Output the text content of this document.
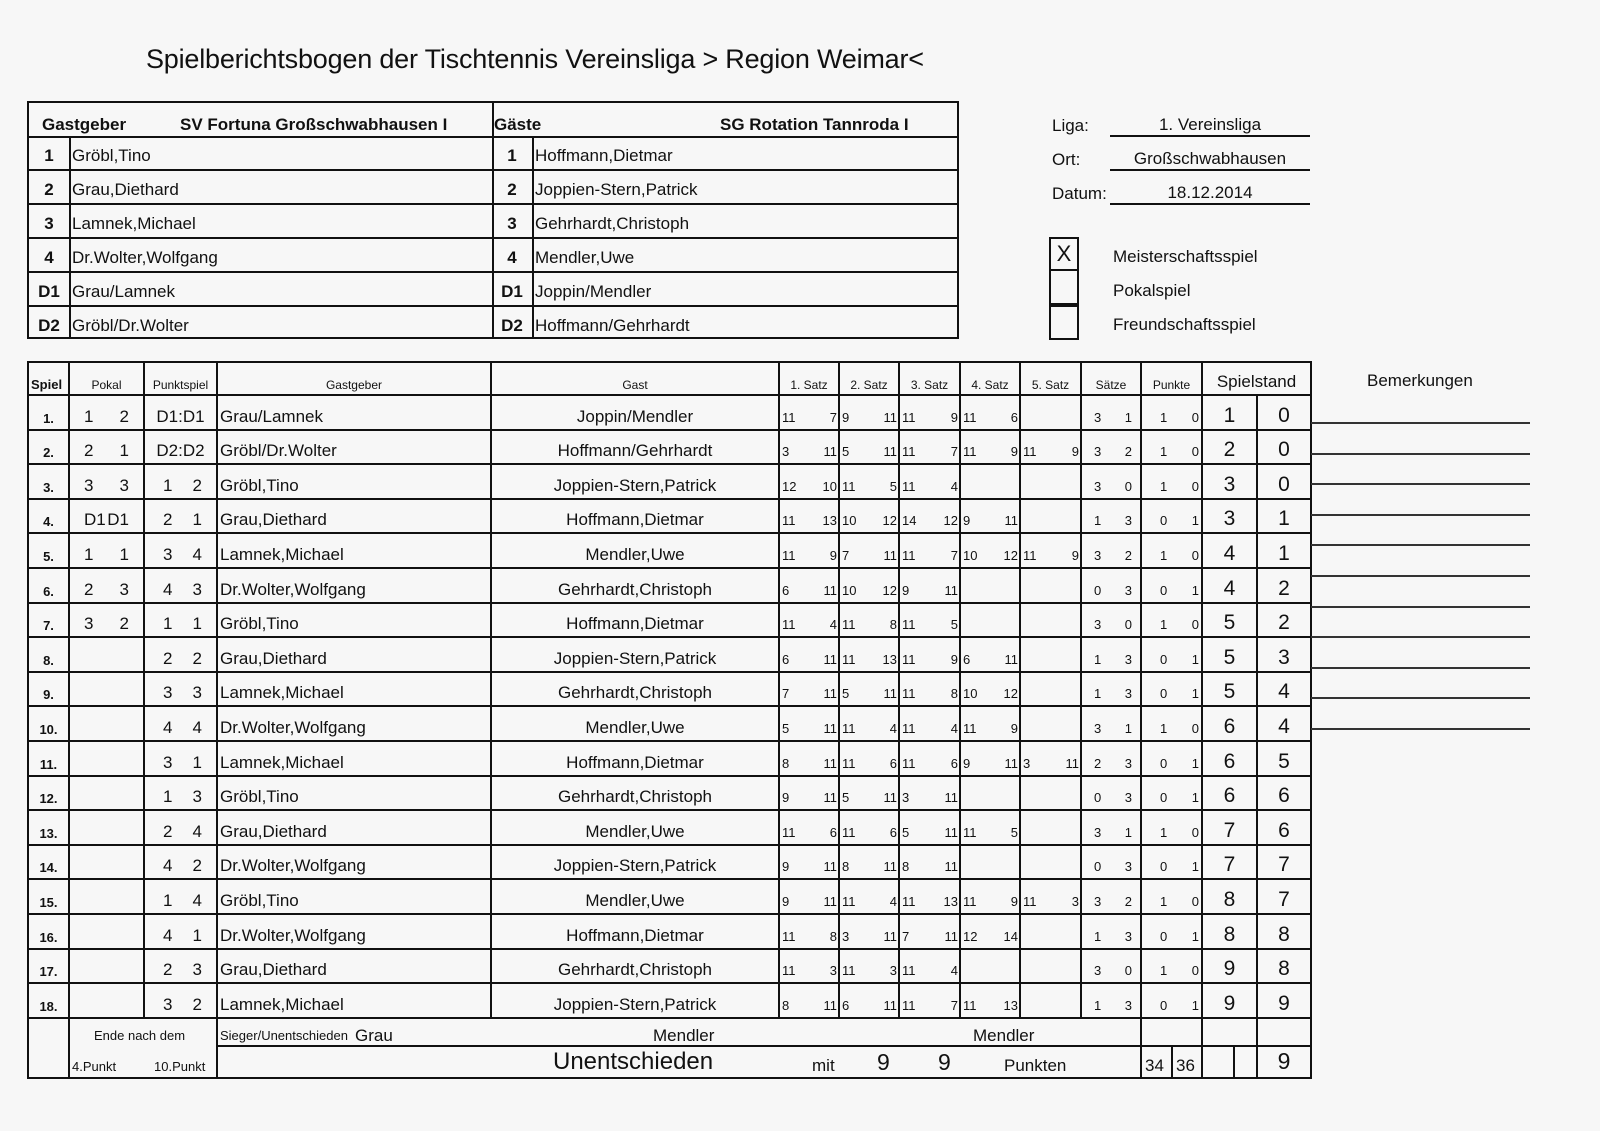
Spielberichtsbogen der Tischtennis Vereinsliga > Region Weimar<
Gastgeber	SV Fortuna Großschwabhausen I
1	Gröbl,Tino
2	Grau,Diethard
3	Lamnek,Michael
4	Dr.Wolter,Wolfgang
D1 Grau/Lamnek
D2 Gröbl/Dr.Wolter
Gäste	SG Rotation Tannroda I
1	Hoffmann,Dietmar
2	Joppien-Stern,Patrick
3	Gehrhardt,Christoph
4	Mendler,Uwe
D1 Joppin/Mendler
D2 Hoffmann/Gehrhardt
Liga:	1. Vereinsliga
Ort:	Großschwabhausen
Datum:	18.12.2014
X	Meisterschaftsspiel
Pokalspiel
Freundschaftsspiel
Spiel	Pokal	Punktspiel	Gastgeber	Gast	1. Satz	2. Satz	3. Satz	4. Satz	5. Satz	Sätze	Punkte	Spielstand		
1.	1 2	D1:D1	Grau/Lamnek	Joppin/Mendler	11 7	9 11	11 9	11 6		3 1	1 0	1	0	
2.	2 1	D2:D2	Gröbl/Dr.Wolter	Hoffmann/Gehrhardt	3 11	5 11	11 7	11 9	11 9	3 2	1 0	2	0	
3.	3 3	1 2	Gröbl,Tino	Joppien-Stern,Patrick	12 10	11 5	11 4			3 0	1 0	3	0	
4.	D1 D1	2 1	Grau,Diethard	Hoffmann,Dietmar	11 13	10 12	14 12	9 11		1 3	0 1	3	1	
5.	1 1	3 4	Lamnek,Michael	Mendler,Uwe	11 9	7 11	11 7	10 12	11 9	3 2	1 0	4	1	
6.	2 3	4 3	Dr.Wolter,Wolfgang	Gehrhardt,Christoph	6 11	10 12	9 11			0 3	0 1	4	2	
7.	3 2	1 1	Gröbl,Tino	Hoffmann,Dietmar	11 4	11 8	11 5			3 0	1 0	5	2	
8.		2 2	Grau,Diethard	Joppien-Stern,Patrick	6 11	11 13	11 9	6 11		1 3	0 1	5	3	
9.		3 3	Lamnek,Michael	Gehrhardt,Christoph	7 11	5 11	11 8	10 12		1 3	0 1	5	4	
10.		4 4	Dr.Wolter,Wolfgang	Mendler,Uwe	5 11	11 4	11 4	11 9		3 1	1 0	6	4	
11.		3 1	Lamnek,Michael	Hoffmann,Dietmar	8 11	11 6	11 6	9 11	3 11	2 3	0 1	6	5	
12.		1 3	Gröbl,Tino	Gehrhardt,Christoph	9 11	5 11	3 11			0 3	0 1	6	6	
13.		2 4	Grau,Diethard	Mendler,Uwe	11 6	11 6	5 11	11 5		3 1	1 0	7	6	
14.		4 2	Dr.Wolter,Wolfgang	Joppien-Stern,Patrick	9 11	8 11	8 11			0 3	0 1	7	7	
15.		1 4	Gröbl,Tino	Mendler,Uwe	9 11	11 4	11 13	11 9	11 3	3 2	1 0	8	7	
16.		4 1	Dr.Wolter,Wolfgang	Hoffmann,Dietmar	11 8	3 11	7 11	12 14		1 3	0 1	8	8	
17.		2 3	Grau,Diethard	Gehrhardt,Christoph	11 3	11 3	11 4			3 0	1 0	9	8	
18.		3 2	Lamnek,Michael	Joppien-Stern,Patrick	8 11	6 11	11 7	11 13		1 3	0 1	9	9	

Ende nach dem
4.Punkt	10.Punkt

Sieger/Unentschieden
Unentschieden	mit 9 9	Punkten	34 36		9	
Bemerkungen
Grau	Mendler	Mendler
